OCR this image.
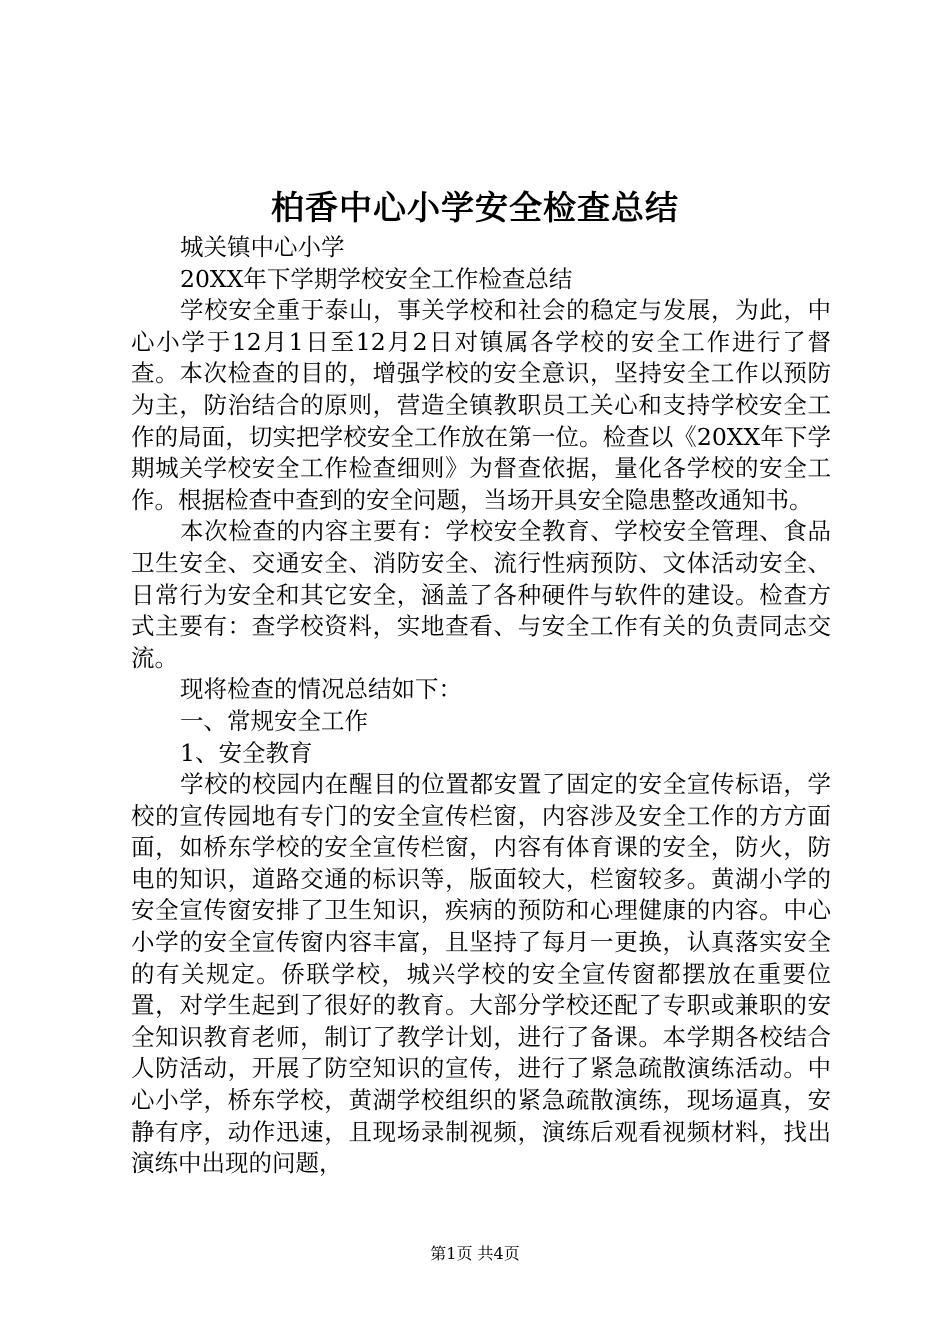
柏香中心小学安全检查总结

城关镇中心小学

20XX年下学期学校安全工作检查总结

学校安全重于泰山，事关学校和社会的稳定与发展，为此，中心小学于12月1日至12月2日对镇属各学校的安全工作进行了督查。本次检查的目的，增强学校的安全意识，坚持安全工作以预防为主，防治结合的原则，营造全镇教职员工关心和支持学校安全工作的局面，切实把学校安全工作放在第一位。检查以《20XX年下学期城关学校安全工作检查细则》为督查依据，量化各学校的安全工作。根据检查中查到的安全问题，当场开具安全隐患整改通知书。

本次检查的内容主要有：学校安全教育、学校安全管理、食品卫生安全、交通安全、消防安全、流行性病预防、文体活动安全、日常行为安全和其它安全，涵盖了各种硬件与软件的建设。检查方式主要有：查学校资料，实地查看、与安全工作有关的负责同志交流。

现将检查的情况总结如下：

一、常规安全工作

1、安全教育

学校的校园内在醒目的位置都安置了固定的安全宣传标语，学校的宣传园地有专门的安全宣传栏窗，内容涉及安全工作的方方面面，如桥东学校的安全宣传栏窗，内容有体育课的安全，防火，防电的知识，道路交通的标识等，版面较大，栏窗较多。黄湖小学的安全宣传窗安排了卫生知识，疾病的预防和心理健康的内容。中心小学的安全宣传窗内容丰富，且坚持了每月一更换，认真落实安全的有关规定。侨联学校，城兴学校的安全宣传窗都摆放在重要位置，对学生起到了很好的教育。大部分学校还配了专职或兼职的安全知识教育老师，制订了教学计划，进行了备课。本学期各校结合人防活动，开展了防空知识的宣传，进行了紧急疏散演练活动。中心小学，桥东学校，黄湖学校组织的紧急疏散演练，现场逼真，安静有序，动作迅速，且现场录制视频，演练后观看视频材料，找出演练中出现的问题，

第1页 共4页
